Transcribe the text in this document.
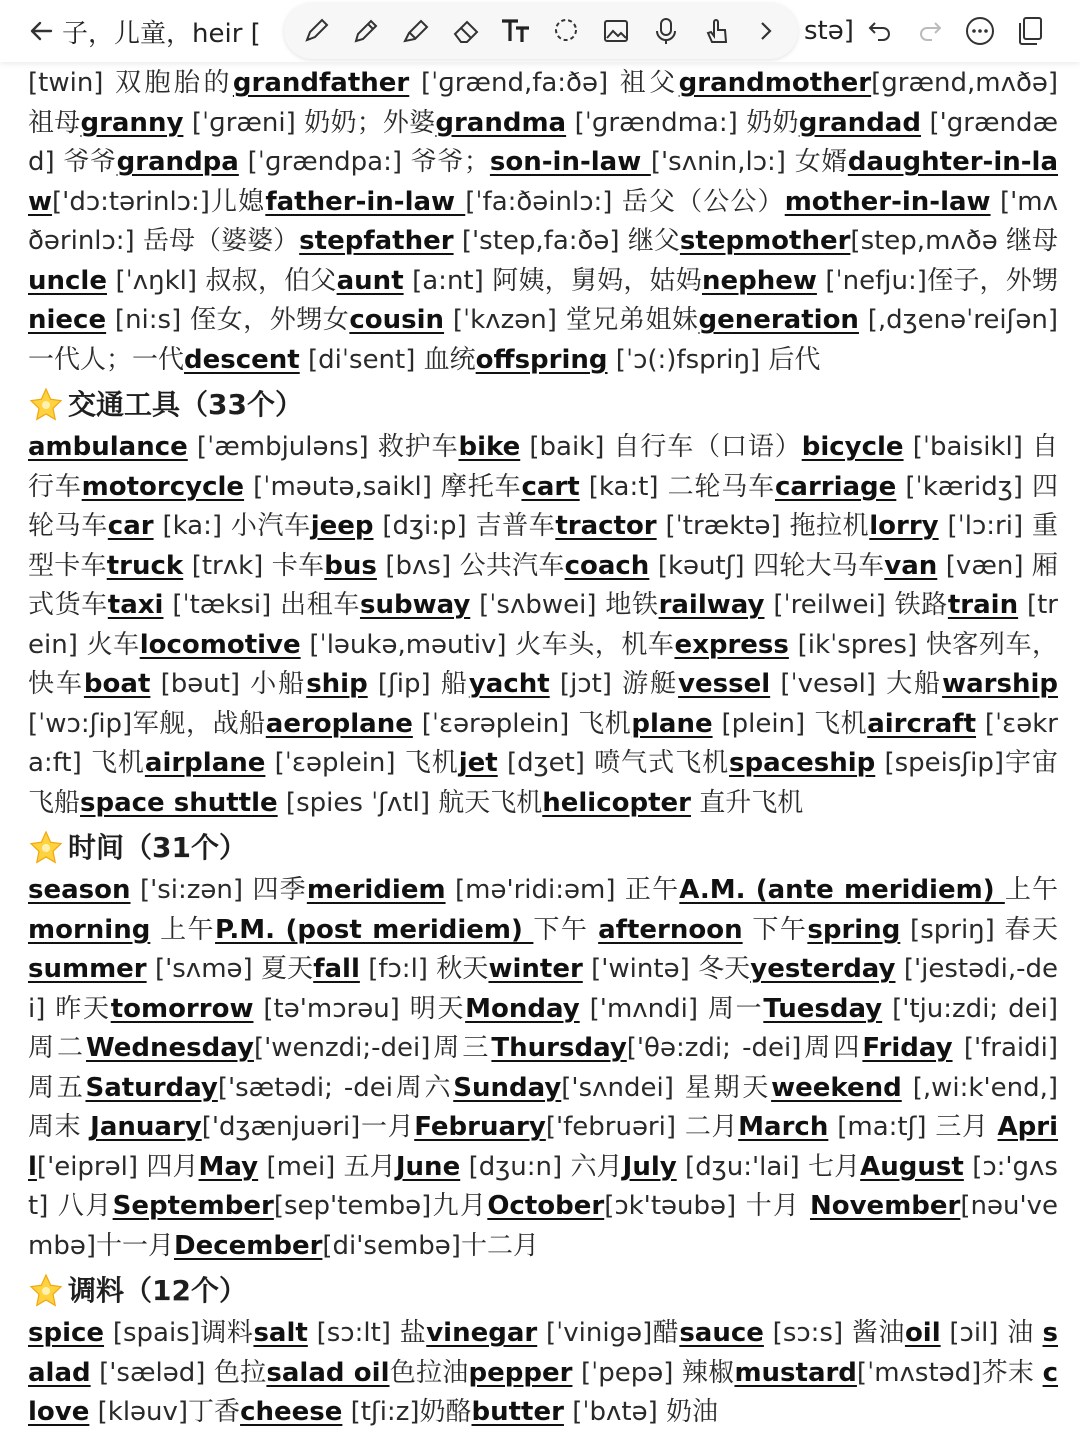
子，儿童，heir [	stə]

[twin] 双胞胎的grandfather [ˈɡrænd,fa:ðə] 祖父grandmother[grænd,mʌðə] 祖母granny [ˈɡræni] 奶奶；外婆grandma [ˈɡrændma:] 奶奶grandad ['grændæd] 爷爷grandpa [ˈɡrændpa:] 爷爷；son-in-law ['sʌnin,lɔ:] 女婿daughter-in-law['dɔ:tərinlɔ:]儿媳father-in-law [ˈfa:ðəinlɔ:] 岳父（公公）mother-in-law ['mʌðərinlɔ:] 岳母（婆婆）stepfather ['step,fa:ðə] 继父stepmother[step,mʌðə 继母uncle [ˈʌŋkl] 叔叔，伯父aunt [a:nt] 阿姨，舅妈，姑妈nephew [ˈnefju:]侄子，外甥niece [ni:s] 侄女，外甥女cousin [ˈkʌzən] 堂兄弟姐妹generation [,dʒenəˈreiʃən] 一代人；一代descent [diˈsent] 血统offspring [ˈɔ(:)fspriŋ] 后代

交通工具（33个）

ambulance [ˈæmbjuləns] 救护车bike [baik] 自行车（口语）bicycle [ˈbaisikl] 自行车motorcycle [ˈməutə,saikl] 摩托车cart [ka:t] 二轮马车carriage [ˈkæridʒ] 四轮马车car [ka:] 小汽车jeep [dʒi:p] 吉普车tractor [ˈtræktə] 拖拉机lorry [ˈlɔ:ri] 重型卡车truck [trʌk] 卡车bus [bʌs] 公共汽车coach [kəutʃ] 四轮大马车van [væn] 厢式货车taxi [ˈtæksi] 出租车subway [ˈsʌbwei] 地铁railway [ˈreilwei] 铁路train [trein] 火车locomotive [ˈləukə,məutiv] 火车头，机车express [ikˈspres] 快客列车，快车boat [bəut] 小船ship [ʃip] 船yacht [jɔt] 游艇vessel [ˈvesəl] 大船warship [ˈwɔ:ʃip]军舰，战船aeroplane [ˈɛərəplein] 飞机plane [plein] 飞机aircraft [ˈɛəkra:ft] 飞机airplane [ˈɛəplein] 飞机jet [dʒet] 喷气式飞机spaceship [speisʃip]宇宙飞船space shuttle [spies ˈʃʌtl] 航天飞机helicopter 直升飞机

时间（31个）

season ['si:zən] 四季meridiem [mə'ridi:əm] 正午A.M. (ante meridiem) 上午 morning 上午P.M. (post meridiem) 下午 afternoon 下午spring [spriŋ] 春天 summer ['sʌmə] 夏天fall [fɔ:l] 秋天winter ['wintə] 冬天yesterday ['jestədi,-dei] 昨天tomorrow [tə'mɔrəu] 明天Monday ['mʌndi] 周一Tuesday ['tju:zdi; dei]周二Wednesday['wenzdi;-dei]周三Thursday['θə:zdi; -dei]周四Friday ['fraidi] 周五Saturday['sætədi; -dei周六Sunday['sʌndei] 星期天weekend [,wi:k'end,] 周末 January['dʒænjuəri]一月February['februəri] 二月March [ma:tʃ] 三月 April['eiprəl] 四月May [mei] 五月June [dʒu:n] 六月July [dʒu:'lai] 七月August [ɔ:'gʌst] 八月September[sep'tembə]九月October[ɔk'təubə] 十月 November[nəu'vembə]十一月December[di'sembə]十二月

调料（12个）

spice [spais]调料salt [sɔ:lt] 盐vinegar [ˈvinigə]醋sauce [sɔ:s] 酱油oil [ɔil] 油 salad ['sæləd] 色拉salad oil色拉油pepper [ˈpepə] 辣椒mustard[ˈmʌstəd]芥末 clove [kləuv]丁香cheese [tʃi:z]奶酪butter [ˈbʌtə] 奶油
